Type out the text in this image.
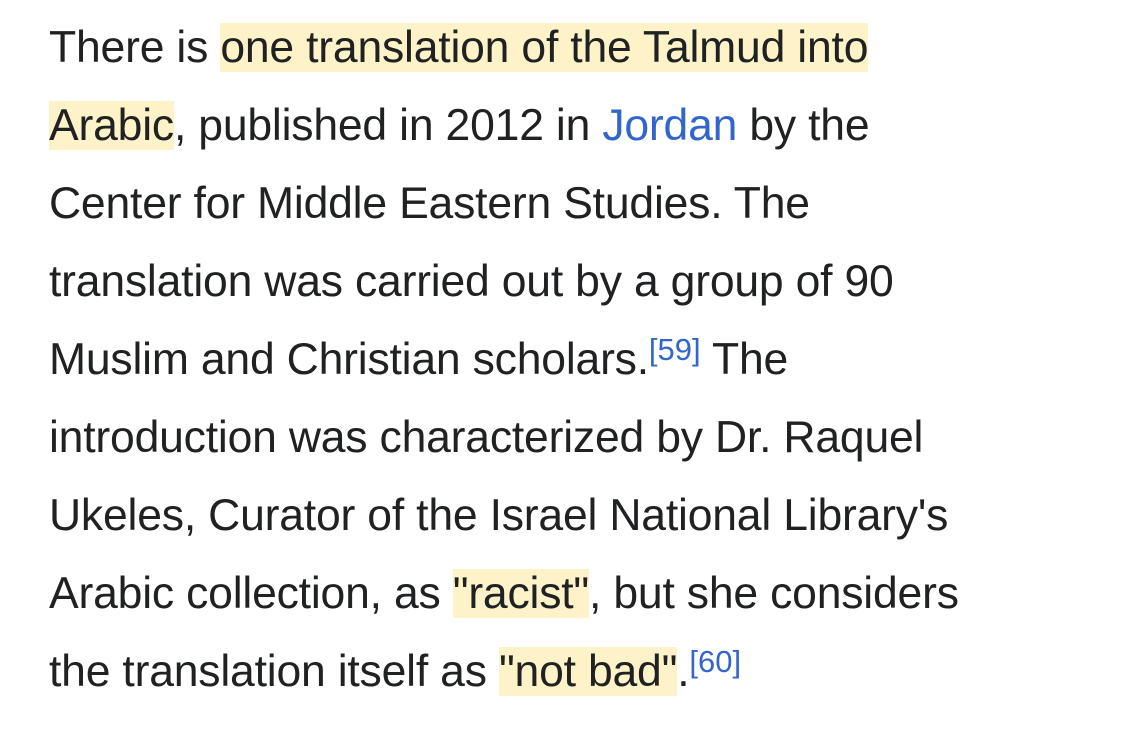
There is one translation of the Talmud into
Arabic, published in 2012 in Jordan by the
Center for Middle Eastern Studies. The
translation was carried out by a group of 90
Muslim and Christian scholars.[59] The
introduction was characterized by Dr. Raquel
Ukeles, Curator of the Israel National Library's
Arabic collection, as "racist", but she considers
the translation itself as "not bad".[60]
